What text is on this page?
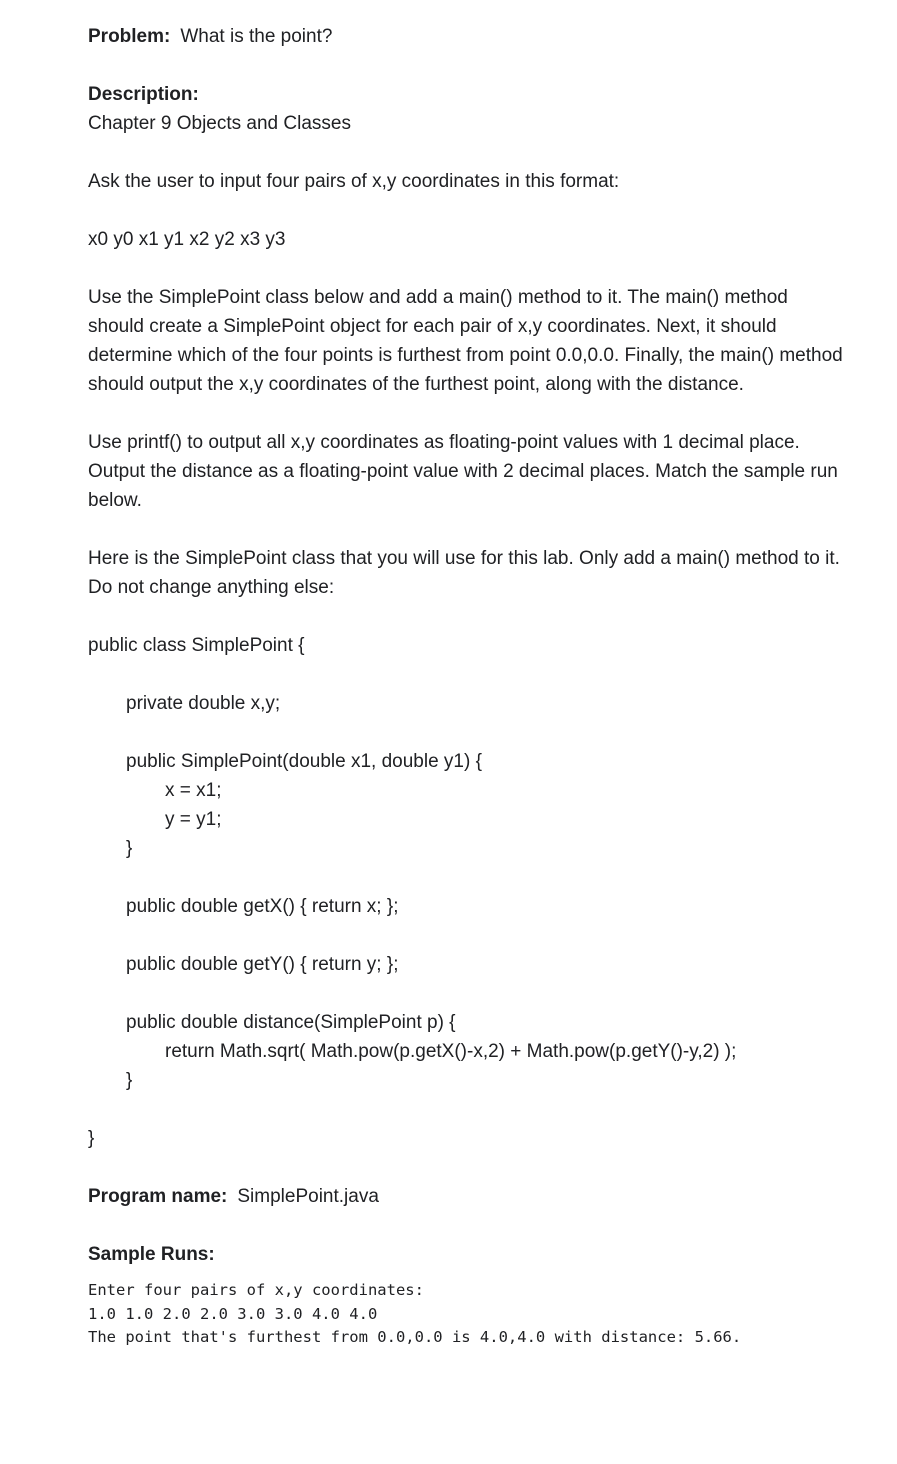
Problem: What is the point?

Description:
Chapter 9 Objects and Classes

Ask the user to input four pairs of x,y coordinates in this format:

x0 y0 x1 y1 x2 y2 x3 y3

Use the SimplePoint class below and add a main() method to it. The main() method should create a SimplePoint object for each pair of x,y coordinates. Next, it should determine which of the four points is furthest from point 0.0,0.0. Finally, the main() method should output the x,y coordinates of the furthest point, along with the distance.

Use printf() to output all x,y coordinates as floating-point values with 1 decimal place. Output the distance as a floating-point value with 2 decimal places. Match the sample run below.

Here is the SimplePoint class that you will use for this lab. Only add a main() method to it. Do not change anything else:

public class SimplePoint {

private double x,y;

public SimplePoint(double x1, double y1) {

x = x1;

y = y1;

}

public double getX() { return x; };

public double getY() { return y; };

public double distance(SimplePoint p) {

return Math.sqrt( Math.pow(p.getX()-x,2) + Math.pow(p.getY()-y,2) );

}

}

Program name: SimplePoint.java

Sample Runs:

Enter four pairs of x,y coordinates:

1.0 1.0 2.0 2.0 3.0 3.0 4.0 4.0

The point that's furthest from 0.0,0.0 is 4.0,4.0 with distance: 5.66.
